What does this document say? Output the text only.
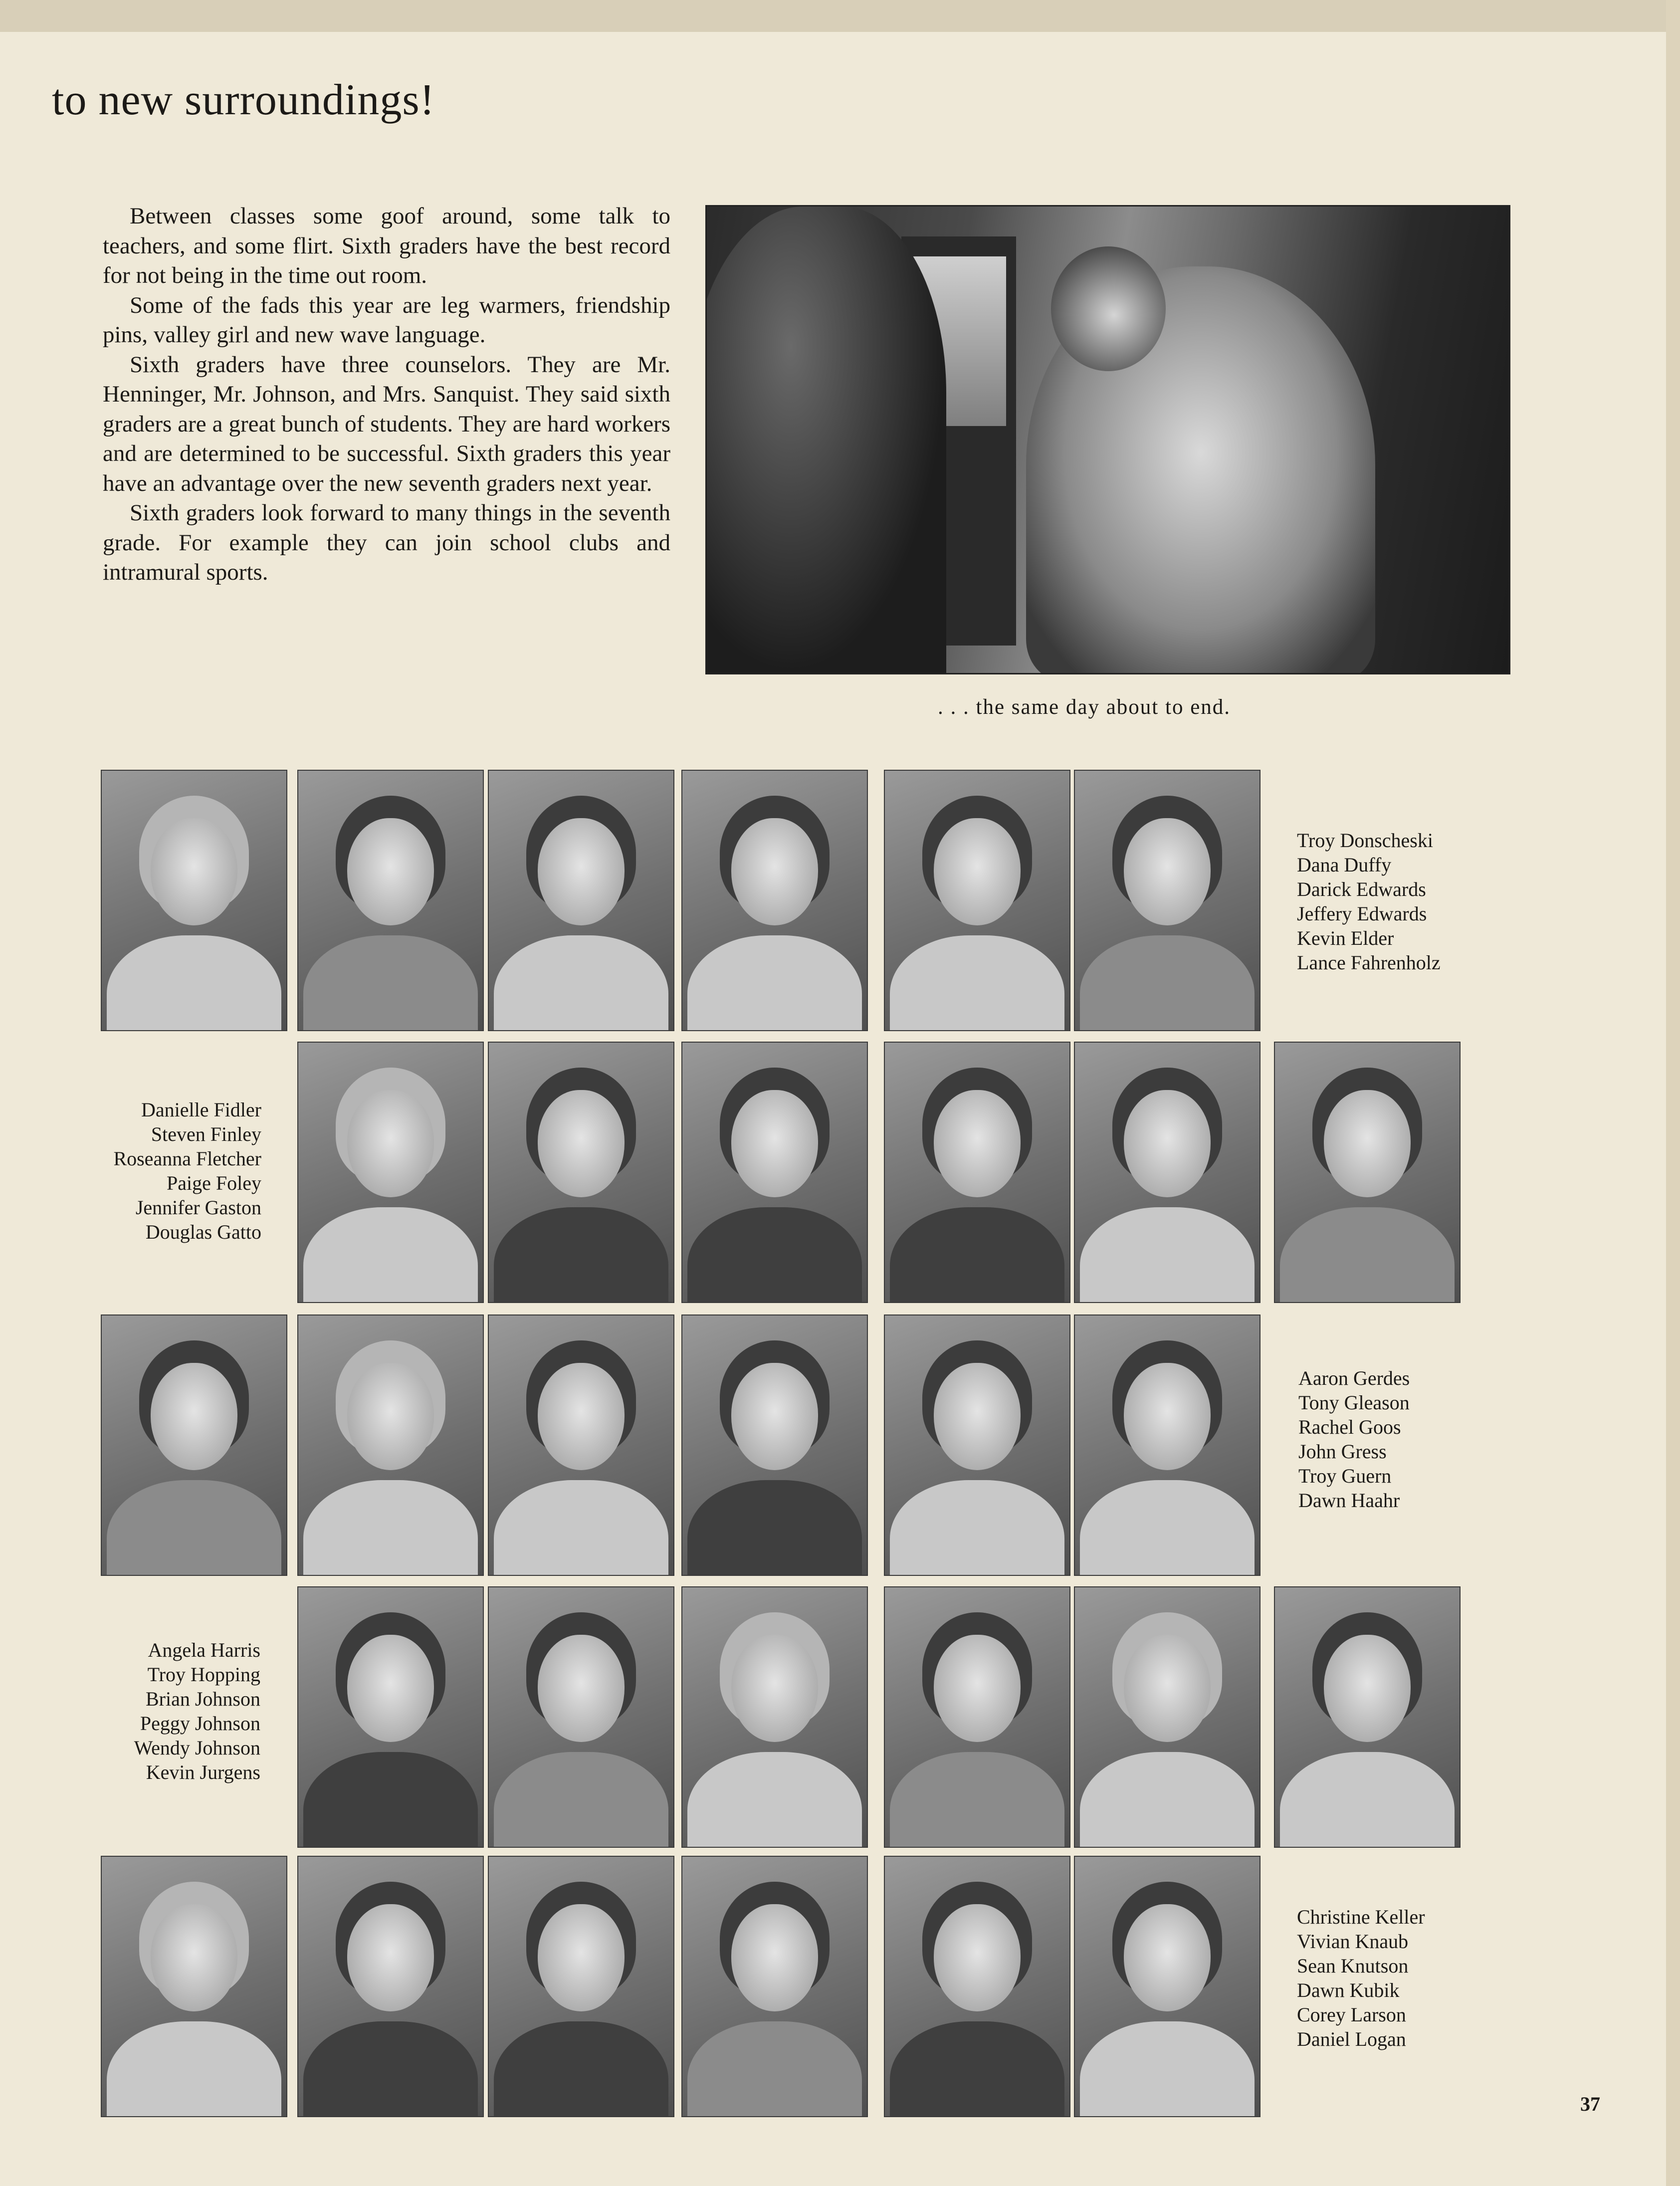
to new surroundings!

Between classes some goof around, some talk to teachers, and some flirt. Sixth graders have the best record for not being in the time out room.

Some of the fads this year are leg warmers, friendship pins, valley girl and new wave language.

Sixth graders have three counselors. They are Mr. Henninger, Mr. Johnson, and Mrs. Sanquist. They said sixth graders are a great bunch of students. They are hard workers and are determined to be successful. Sixth graders this year have an advantage over the new seventh graders next year.

Sixth graders look forward to many things in the seventh grade. For example they can join school clubs and intramural sports.

. . . the same day about to end.
Troy Donscheski
Dana Duffy
Darick Edwards
Jeffery Edwards
Kevin Elder
Lance Fahrenholz
Danielle Fidler
Steven Finley
Roseanna Fletcher
Paige Foley
Jennifer Gaston
Douglas Gatto
Aaron Gerdes
Tony Gleason
Rachel Goos
John Gress
Troy Guern
Dawn Haahr
Angela Harris
Troy Hopping
Brian Johnson
Peggy Johnson
Wendy Johnson
Kevin Jurgens
Christine Keller
Vivian Knaub
Sean Knutson
Dawn Kubik
Corey Larson
Daniel Logan
37
